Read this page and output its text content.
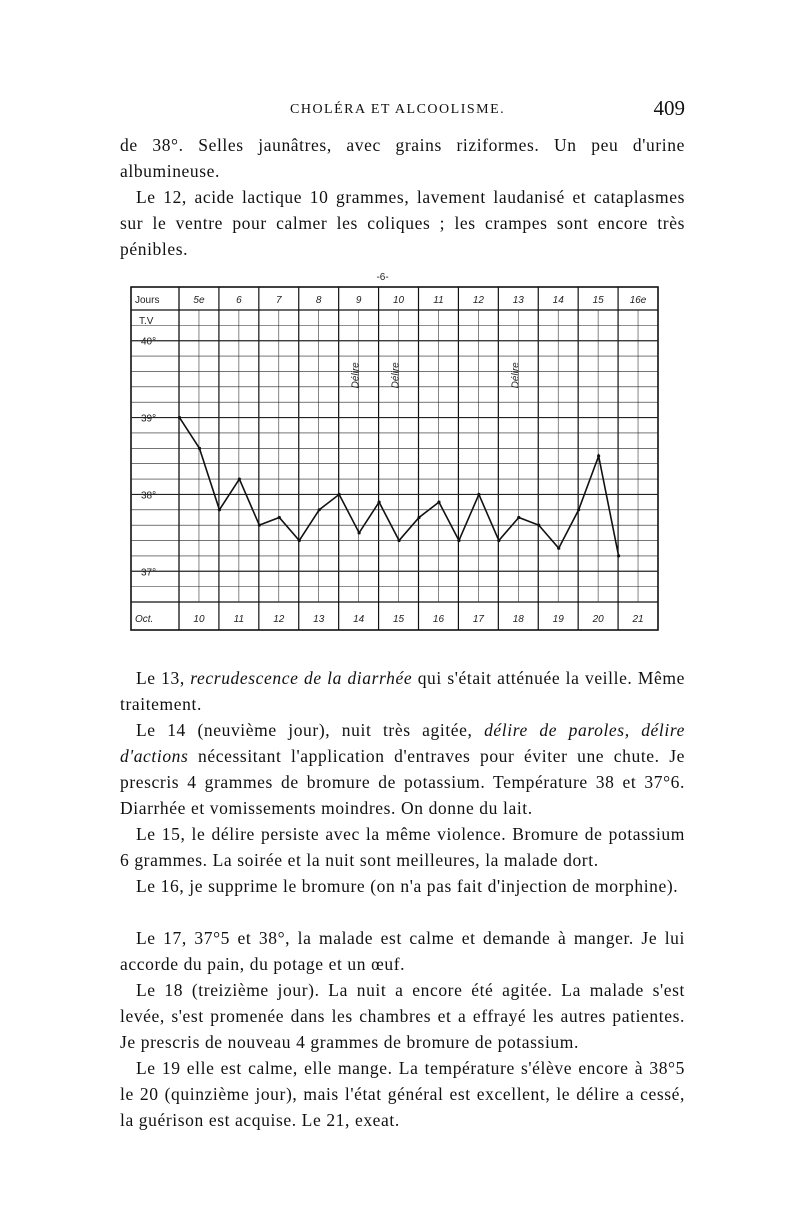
CHOLÉRA ET ALCOOLISME.	409

de 38°. Selles jaunâtres, avec grains riziformes. Un peu d'urine albumineuse.

Le 12, acide lactique 10 grammes, lavement laudanisé et cataplasmes sur le ventre pour calmer les coliques ; les crampes sont encore très pénibles.

-6-
Jours
T.V
Oct.
5e	6	7	8	9	10	11	12	13	14	15	16e
10	11	12	13	14	15	16	17	18	19	20	21
40°
39°
38°
37°
Délire	Délire	Délire

Le 13, recrudescence de la diarrhée qui s'était atténuée la veille. Même traitement.

Le 14 (neuvième jour), nuit très agitée, délire de paroles, délire d'actions nécessitant l'application d'entraves pour éviter une chute. Je prescris 4 grammes de bromure de potassium. Température 38 et 37°6. Diarrhée et vomissements moindres. On donne du lait.

Le 15, le délire persiste avec la même violence. Bromure de potassium 6 grammes. La soirée et la nuit sont meilleures, la malade dort.

Le 16, je supprime le bromure (on n'a pas fait d'injection de morphine).

Le 17, 37°5 et 38°, la malade est calme et demande à manger. Je lui accorde du pain, du potage et un œuf.

Le 18 (treizième jour). La nuit a encore été agitée. La malade s'est levée, s'est promenée dans les chambres et a effrayé les autres patientes. Je prescris de nouveau 4 grammes de bromure de potassium.

Le 19 elle est calme, elle mange. La température s'élève encore à 38°5 le 20 (quinzième jour), mais l'état général est excellent, le délire a cessé, la guérison est acquise. Le 21, exeat.
